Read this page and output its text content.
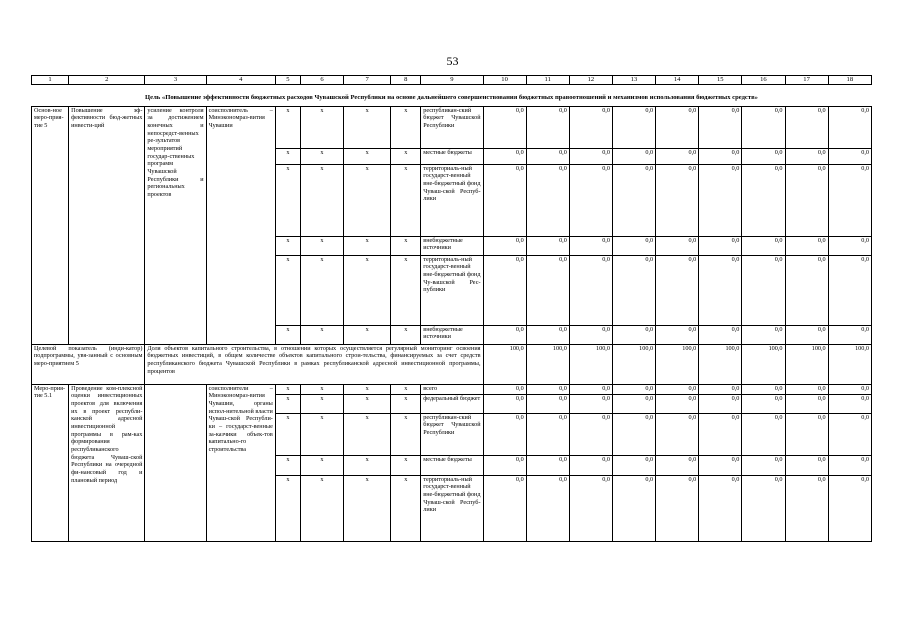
53
1	2	3	4	5	6	7	8	9	10	11	12	13	14	15	16	17	18
Цель «Повышение эффективности бюджетных расходов Чувашской Республики на основе дальнейшего совершенствования бюджетных правоотношений и механизмов использования бюджетных средств»																	
Основ-ное меро-прия-тие 5	Повышение эф-фективности бюд-жетных инвести-ций	усиление контроля за достижением конечных и непосредст-венных ре-зультатов мероприятий государ-ственных программ Чувашской Республики и региональных проектов	соисполнитель – Минэкономраз-вития Чувашии	х	х	х	х	республикан-ский бюджет Чувашской Республики	0,0	0,0	0,0	0,0	0,0	0,0	0,0	0,0	0,0
				х	х	х	х	местные бюджеты	0,0	0,0	0,0	0,0	0,0	0,0	0,0	0,0	0,0
				х	х	х	х	территориаль-ный государст-венный вне-бюджетный фонд Чуваш-ской Респуб-лики	0,0	0,0	0,0	0,0	0,0	0,0	0,0	0,0	0,0
				х	х	х	х	внебюджетные источники	0,0	0,0	0,0	0,0	0,0	0,0	0,0	0,0	0,0
				х	х	х	х	территориаль-ный государст-венный вне-бюджетный фонд Чу-вашской Рес-публики	0,0	0,0	0,0	0,0	0,0	0,0	0,0	0,0	0,0
				х	х	х	х	внебюджетные источники	0,0	0,0	0,0	0,0	0,0	0,0	0,0	0,0	0,0
Целевой показатель (инди-катор) подпрограммы, увя-занный с основным меро-приятием 5		Доля объектов капитального строительства, в отношении которых осуществляется регулярный мониторинг освоения бюджетных инвестиций, в общем количестве объектов капитального строи-тельства, финансируемых за счет средств республиканского бюджета Чувашской Республики в рамках республиканской адресной инвестиционной программы, процентов							100,0	100,0	100,0	100,0	100,0	100,0	100,0	100,0	100,0
Меро-прия-тие 5.1	Проведение ком-плексной оценки инвестиционных проектов для включения их в проект республи-канской адресной инвестиционной программы в рам-ках формирования республиканского бюджета Чуваш-ской Республики на очередной фи-нансовый год и плановый период		соисполнители – Минэкономраз-вития Чувашии, органы испол-нительной власти Чуваш-ской Республи-ки – государст-венные за-казчики объек-тов капитально-го строительства	х	х	х	х	всего	0,0	0,0	0,0	0,0	0,0	0,0	0,0	0,0	0,0
				х	х	х	х	федеральный бюджет	0,0	0,0	0,0	0,0	0,0	0,0	0,0	0,0	0,0
				х	х	х	х	республикан-ский бюджет Чувашской Республики	0,0	0,0	0,0	0,0	0,0	0,0	0,0	0,0	0,0
				х	х	х	х	местные бюджеты	0,0	0,0	0,0	0,0	0,0	0,0	0,0	0,0	0,0
				х	х	х	х	территориаль-ный государст-венный вне-бюджетный фонд Чуваш-ской Респуб-лики	0,0	0,0	0,0	0,0	0,0	0,0	0,0	0,0	0,0
